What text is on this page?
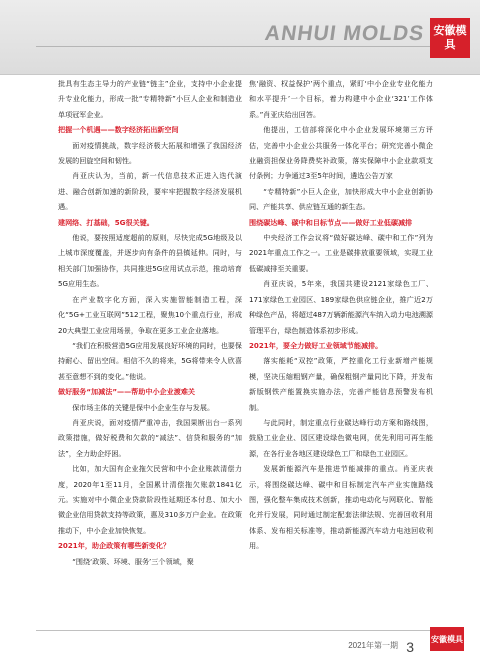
ANHUI MOLDS 安徽模具

批具有生态主导力的产业链“链主”企业，支持中小企业提升专业化能力，形成一批“专精特新”小巨人企业和制造业单项冠军企业。

把握一个机遇——数字经济拓出新空间

面对疫情挑战，数字经济极大拓展和增强了我国经济发展的回旋空间和韧性。

肖亚庆认为，当前，新一代信息技术正进入迭代演进、融合创新加速的新阶段，要牢牢把握数字经济发展机遇。

建网络、打基础，5G很关键。

他说，要按照适度超前的原则，尽快完成5G地级及以上城市深度覆盖，并逐步向有条件的县镇延伸。同时，与相关部门加强协作，共同推进5G应用试点示范，推动培育5G应用生态。

在产业数字化方面，深入实施智能制造工程，深化“5G+工业互联网”512工程，聚焦10个重点行业，形成20大典型工业应用场景，争取在更多工业企业落地。

“我们在积极营造5G应用发展良好环境的同时，也要保持耐心、留出空间。相信不久的将来，5G将带来令人欣喜甚至意想不到的变化。”他说。

做好服务“加减法”——帮助中小企业渡难关

保市场主体的关键是保中小企业生存与发展。

肖亚庆说，面对疫情严重冲击，我国果断出台一系列政策措施，做好税费和欠款的“减法”、信贷和服务的“加法”，全力助企纾困。

比如，加大国有企业拖欠民营和中小企业账款清偿力度，2020年1至11月，全国累计清偿拖欠账款1841亿元。实施对中小微企业贷款阶段性延期还本付息、加大小微企业信用贷款支持等政策，惠及310多万户企业。在政策推动下，中小企业加快恢复。

2021年，助企政策有哪些新变化？

“围绕‘政策、环境、服务’三个领域，聚

焦‘融资、权益保护’两个重点，紧盯‘中小企业专业化能力和水平提升’一个目标，着力构建中小企业‘321’工作体系。”肖亚庆给出回答。

他提出，工信部将深化中小企业发展环境第三方评估，完善中小企业公共服务一体化平台；研究完善小微企业融资担保业务降费奖补政策，落实保障中小企业款项支付条例；力争通过3至5年时间，遴选公告万家

“专精特新”小巨人企业，加快形成大中小企业创新协同、产能共享、供应链互通的新生态。

围绕碳达峰、碳中和目标节点——做好工业低碳减排

中央经济工作会议将“做好碳达峰、碳中和工作”列为2021年重点工作之一。工业是碳排放重要领域，实现工业低碳减排至关重要。

肖亚庆说，5年来，我国共建设2121家绿色工厂、171家绿色工业园区、189家绿色供应链企业，推广近2万种绿色产品，将超过487万辆新能源汽车纳入动力电池溯源管理平台，绿色制造体系初步形成。

2021年，要全力做好工业领域节能减排。

落实能耗“双控”政策，严控重化工行业新增产能规模，坚决压缩粗钢产量，确保粗钢产量同比下降，并发布新版钢铁产能置换实施办法，完善产能信息预警发布机制。

与此同时，制定重点行业碳达峰行动方案和路线图，鼓励工业企业、园区建设绿色微电网，优先利用可再生能源，在各行业各地区建设绿色工厂和绿色工业园区。

发展新能源汽车是推进节能减排的重点。肖亚庆表示，将围绕碳达峰、碳中和目标制定汽车产业实施路线图，强化整车集成技术创新，推动电动化与网联化、智能化并行发展，同时通过制定配套法律法规、完善回收利用体系、发布相关标准等，推动新能源汽车动力电池回收利用。

2021年第一期 3 安徽模具
